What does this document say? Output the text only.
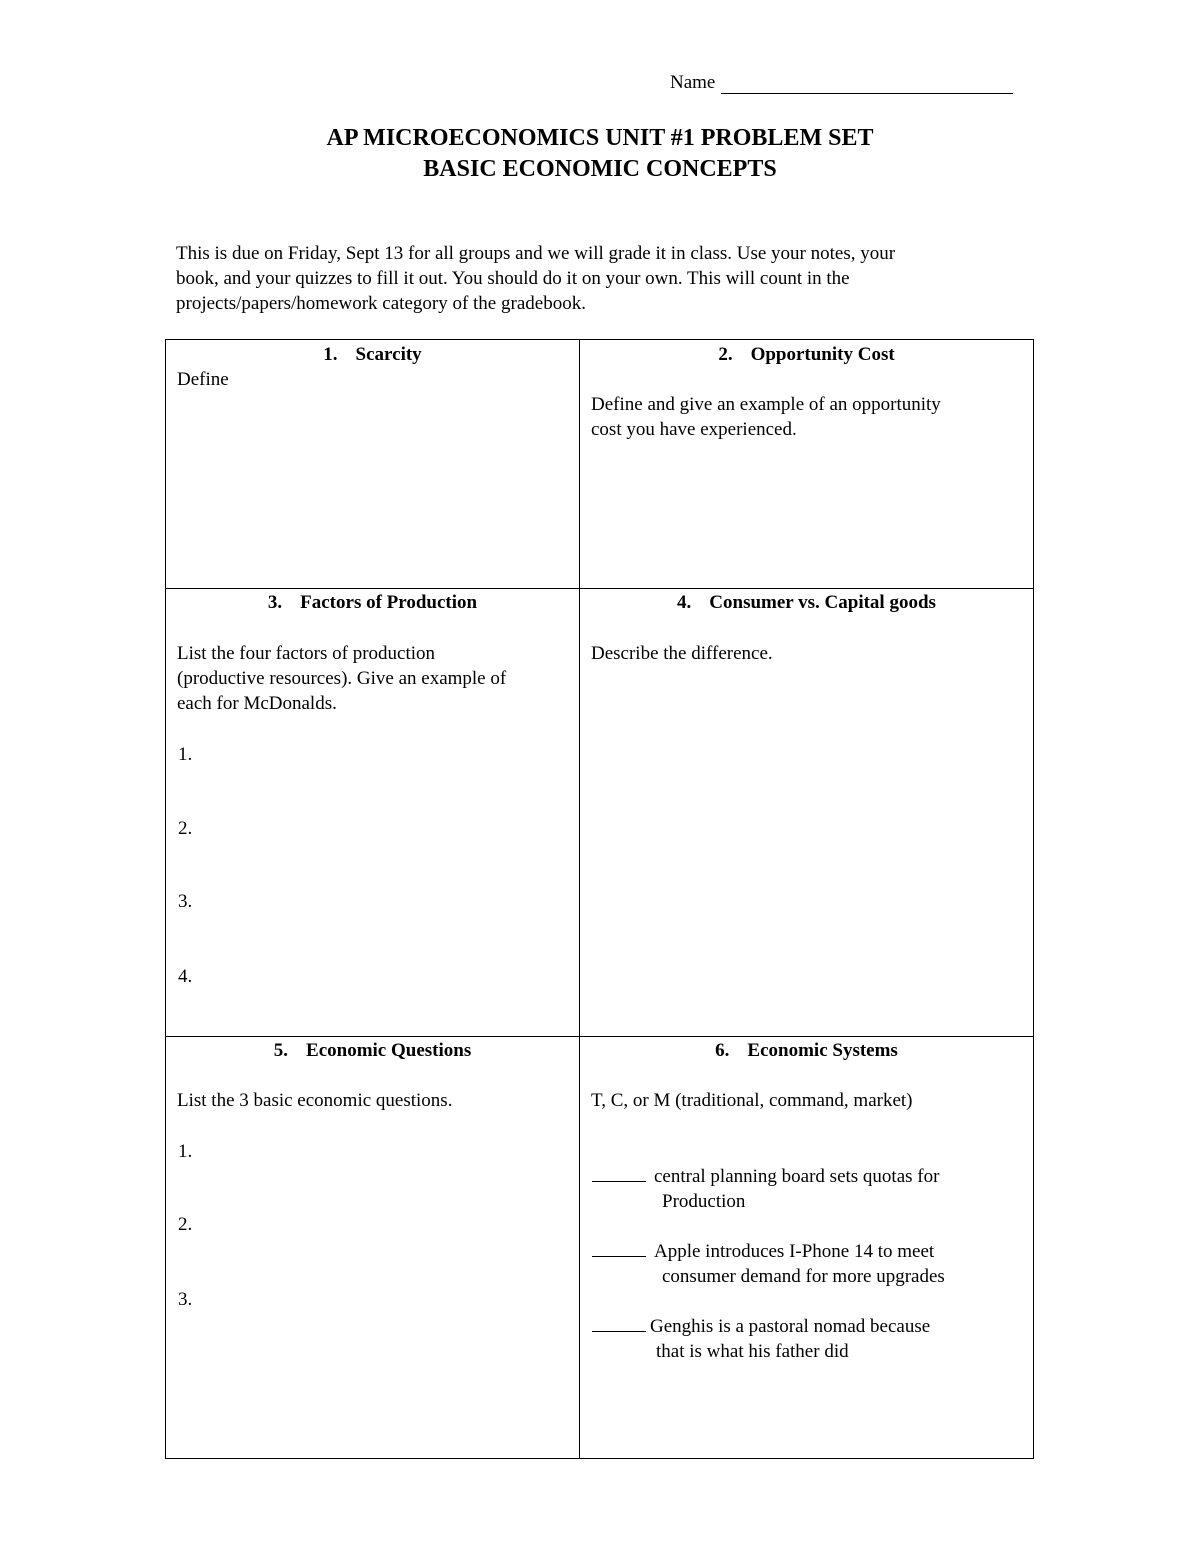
Name
AP MICROECONOMICS UNIT #1 PROBLEM SET
BASIC ECONOMIC CONCEPTS
This is due on Friday, Sept 13 for all groups and we will grade it in class. Use your notes, your
book, and your quizzes to fill it out. You should do it on your own. This will count in the
projects/papers/homework category of the gradebook.
1. Scarcity
Define
2. Opportunity Cost
Define and give an example of an opportunity
cost you have experienced.
3. Factors of Production
List the four factors of production
(productive resources). Give an example of
each for McDonalds.
1.
2.
3.
4.
4. Consumer vs. Capital goods
Describe the difference.
5. Economic Questions
List the 3 basic economic questions.
1.
2.
3.
6. Economic Systems
T, C, or M (traditional, command, market)
central planning board sets quotas for
Production
Apple introduces I-Phone 14 to meet
consumer demand for more upgrades
Genghis is a pastoral nomad because
that is what his father did
